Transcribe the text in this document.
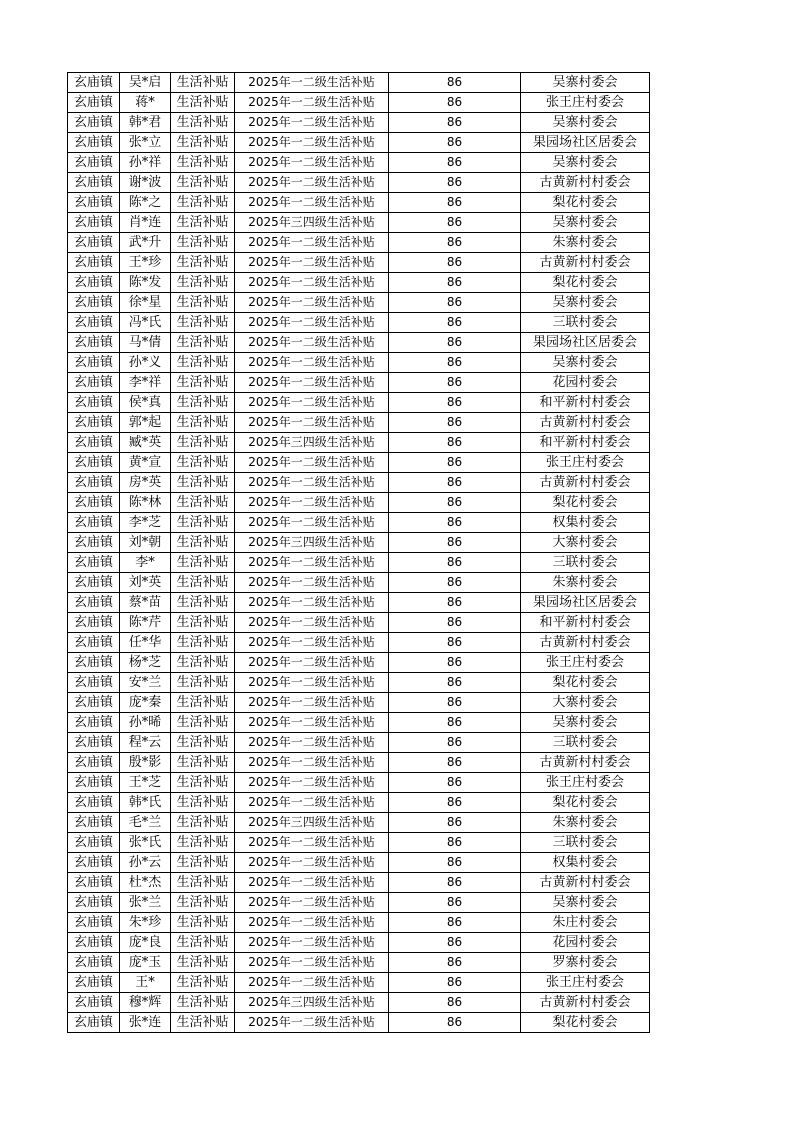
玄庙镇	吴*启	生活补贴	2025年一二级生活补贴	86	吴寨村委会
玄庙镇	蒋*	生活补贴	2025年一二级生活补贴	86	张王庄村委会
玄庙镇	韩*君	生活补贴	2025年一二级生活补贴	86	吴寨村委会
玄庙镇	张*立	生活补贴	2025年一二级生活补贴	86	果园场社区居委会
玄庙镇	孙*祥	生活补贴	2025年一二级生活补贴	86	吴寨村委会
玄庙镇	谢*波	生活补贴	2025年一二级生活补贴	86	古黄新村村委会
玄庙镇	陈*之	生活补贴	2025年一二级生活补贴	86	梨花村委会
玄庙镇	肖*连	生活补贴	2025年三四级生活补贴	86	吴寨村委会
玄庙镇	武*升	生活补贴	2025年一二级生活补贴	86	朱寨村委会
玄庙镇	王*珍	生活补贴	2025年一二级生活补贴	86	古黄新村村委会
玄庙镇	陈*发	生活补贴	2025年一二级生活补贴	86	梨花村委会
玄庙镇	徐*星	生活补贴	2025年一二级生活补贴	86	吴寨村委会
玄庙镇	冯*氏	生活补贴	2025年一二级生活补贴	86	三联村委会
玄庙镇	马*倩	生活补贴	2025年一二级生活补贴	86	果园场社区居委会
玄庙镇	孙*义	生活补贴	2025年一二级生活补贴	86	吴寨村委会
玄庙镇	李*祥	生活补贴	2025年一二级生活补贴	86	花园村委会
玄庙镇	侯*真	生活补贴	2025年一二级生活补贴	86	和平新村村委会
玄庙镇	郭*起	生活补贴	2025年一二级生活补贴	86	古黄新村村委会
玄庙镇	臧*英	生活补贴	2025年三四级生活补贴	86	和平新村村委会
玄庙镇	黄*宣	生活补贴	2025年一二级生活补贴	86	张王庄村委会
玄庙镇	房*英	生活补贴	2025年一二级生活补贴	86	古黄新村村委会
玄庙镇	陈*林	生活补贴	2025年一二级生活补贴	86	梨花村委会
玄庙镇	李*芝	生活补贴	2025年一二级生活补贴	86	权集村委会
玄庙镇	刘*朝	生活补贴	2025年三四级生活补贴	86	大寨村委会
玄庙镇	李*	生活补贴	2025年一二级生活补贴	86	三联村委会
玄庙镇	刘*英	生活补贴	2025年一二级生活补贴	86	朱寨村委会
玄庙镇	蔡*苗	生活补贴	2025年一二级生活补贴	86	果园场社区居委会
玄庙镇	陈*芹	生活补贴	2025年一二级生活补贴	86	和平新村村委会
玄庙镇	任*华	生活补贴	2025年一二级生活补贴	86	古黄新村村委会
玄庙镇	杨*芝	生活补贴	2025年一二级生活补贴	86	张王庄村委会
玄庙镇	安*兰	生活补贴	2025年一二级生活补贴	86	梨花村委会
玄庙镇	庞*秦	生活补贴	2025年一二级生活补贴	86	大寨村委会
玄庙镇	孙*晞	生活补贴	2025年一二级生活补贴	86	吴寨村委会
玄庙镇	程*云	生活补贴	2025年一二级生活补贴	86	三联村委会
玄庙镇	殷*影	生活补贴	2025年一二级生活补贴	86	古黄新村村委会
玄庙镇	王*芝	生活补贴	2025年一二级生活补贴	86	张王庄村委会
玄庙镇	韩*氏	生活补贴	2025年一二级生活补贴	86	梨花村委会
玄庙镇	毛*兰	生活补贴	2025年三四级生活补贴	86	朱寨村委会
玄庙镇	张*氏	生活补贴	2025年一二级生活补贴	86	三联村委会
玄庙镇	孙*云	生活补贴	2025年一二级生活补贴	86	权集村委会
玄庙镇	杜*杰	生活补贴	2025年一二级生活补贴	86	古黄新村村委会
玄庙镇	张*兰	生活补贴	2025年一二级生活补贴	86	吴寨村委会
玄庙镇	朱*珍	生活补贴	2025年一二级生活补贴	86	朱庄村委会
玄庙镇	庞*良	生活补贴	2025年一二级生活补贴	86	花园村委会
玄庙镇	庞*玉	生活补贴	2025年一二级生活补贴	86	罗寨村委会
玄庙镇	王*	生活补贴	2025年一二级生活补贴	86	张王庄村委会
玄庙镇	穆*辉	生活补贴	2025年三四级生活补贴	86	古黄新村村委会
玄庙镇	张*连	生活补贴	2025年一二级生活补贴	86	梨花村委会
